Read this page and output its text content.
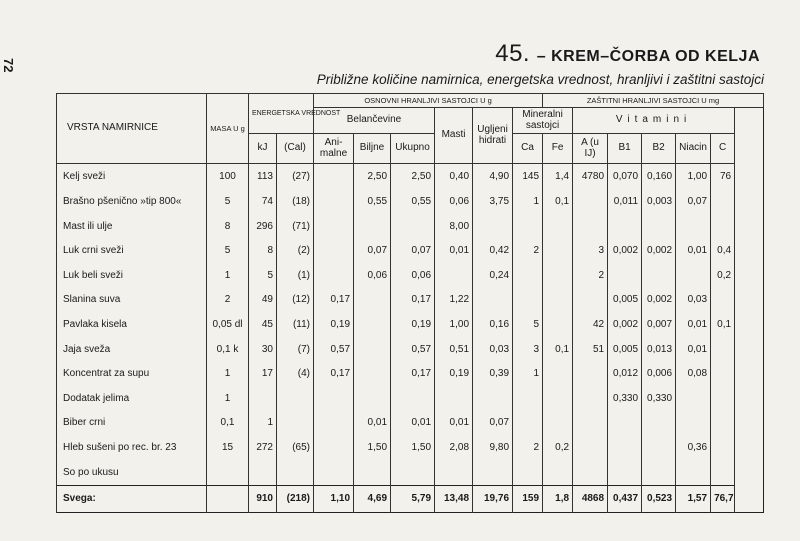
72	45. – KREM–ČORBA OD KELJA
Približne količine namirnica, energetska vrednost, hranljivi i zaštitni sastojci
VRSTA NAMIRNICE	MASA U g	ENERGETSKA VREDNOST		OSNOVNI HRANLJIVI SASTOJCI U g						ZAŠTITNI HRANLJIVI SASTOJCI U mg					
				Belančevine			Masti	Ugljeni hidrati	Mineralni sastojci		Vitamini				
		kJ	(Cal)	Ani- malne	Biljne	Ukupno			Ca	Fe	A (u IJ)	B1	B2	Niacin	C
Kelj sveži	100	113	(27)		2,50	2,50	0,40	4,90	145	1,4	4780	0,070	0,160	1,00	76
Brašno pšenično »tip 800«	5	74	(18)		0,55	0,55	0,06	3,75	1	0,1		0,011	0,003	0,07	
Mast ili ulje	8	296	(71)				8,00								
Luk crni sveži	5	8	(2)		0,07	0,07	0,01	0,42	2		3	0,002	0,002	0,01	0,4
Luk beli sveži	1	5	(1)		0,06	0,06		0,24			2				0,2
Slanina suva	2	49	(12)	0,17		0,17	1,22					0,005	0,002	0,03	
Pavlaka kisela	0,05 dl	45	(11)	0,19		0,19	1,00	0,16	5		42	0,002	0,007	0,01	0,1
Jaja sveža	0,1 k	30	(7)	0,57		0,57	0,51	0,03	3	0,1	51	0,005	0,013	0,01	
Koncentrat za supu	1	17	(4)	0,17		0,17	0,19	0,39	1			0,012	0,006	0,08	
Dodatak jelima	1											0,330	0,330		
Biber crni	0,1	1			0,01	0,01	0,01	0,07							
Hleb sušeni po rec. br. 23	15	272	(65)		1,50	1,50	2,08	9,80	2	0,2				0,36	
So po ukusu															
Svega:		910	(218)	1,10	4,69	5,79	13,48	19,76	159	1,8	4868	0,437	0,523	1,57	76,7
